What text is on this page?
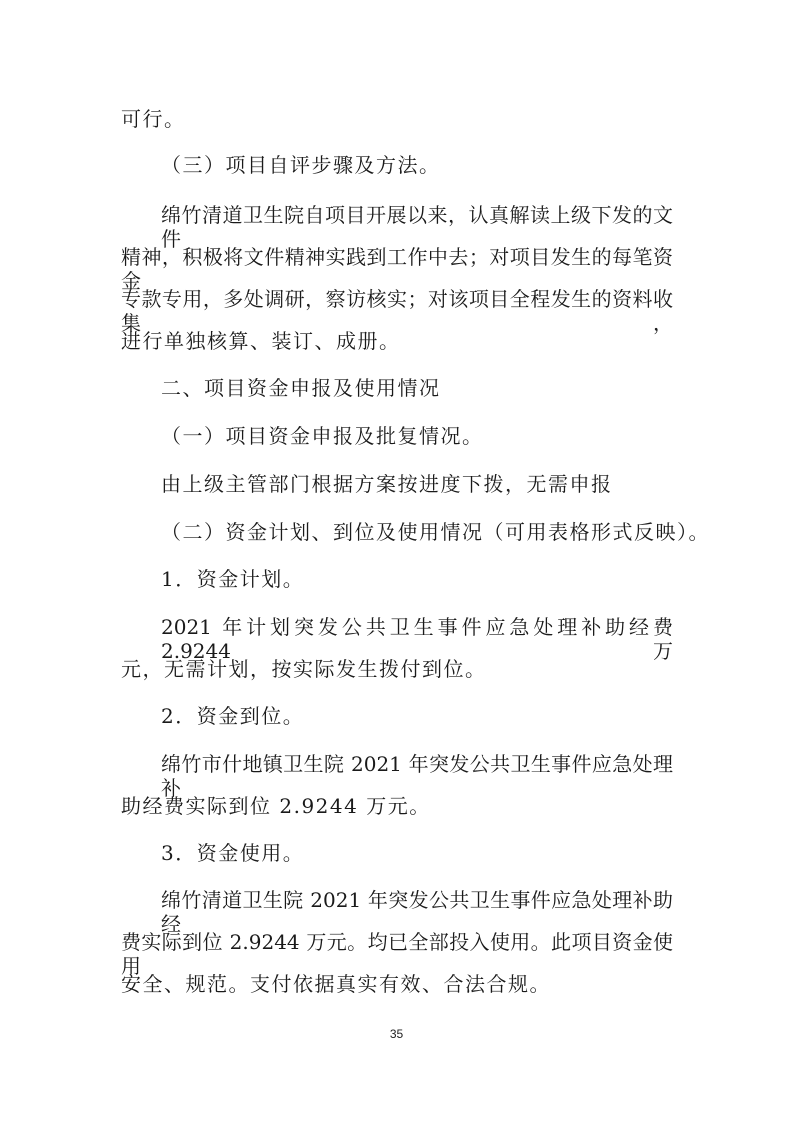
可行。
（三）项目自评步骤及方法。
绵竹清道卫生院自项目开展以来，认真解读上级下发的文件
精神，积极将文件精神实践到工作中去；对项目发生的每笔资金
专款专用，多处调研，察访核实；对该项目全程发生的资料收集，
进行单独核算、装订、成册。
二、项目资金申报及使用情况
（一）项目资金申报及批复情况。
由上级主管部门根据方案按进度下拨，无需申报
（二）资金计划、到位及使用情况（可用表格形式反映）。
1．资金计划。
2021 年计划突发公共卫生事件应急处理补助经费 2.9244 万
元，无需计划，按实际发生拨付到位。
2．资金到位。
绵竹市什地镇卫生院 2021 年突发公共卫生事件应急处理补
助经费实际到位 2.9244 万元。
3．资金使用。
绵竹清道卫生院 2021 年突发公共卫生事件应急处理补助经
费实际到位 2.9244 万元。均已全部投入使用。此项目资金使用
安全、规范。支付依据真实有效、合法合规。
35
